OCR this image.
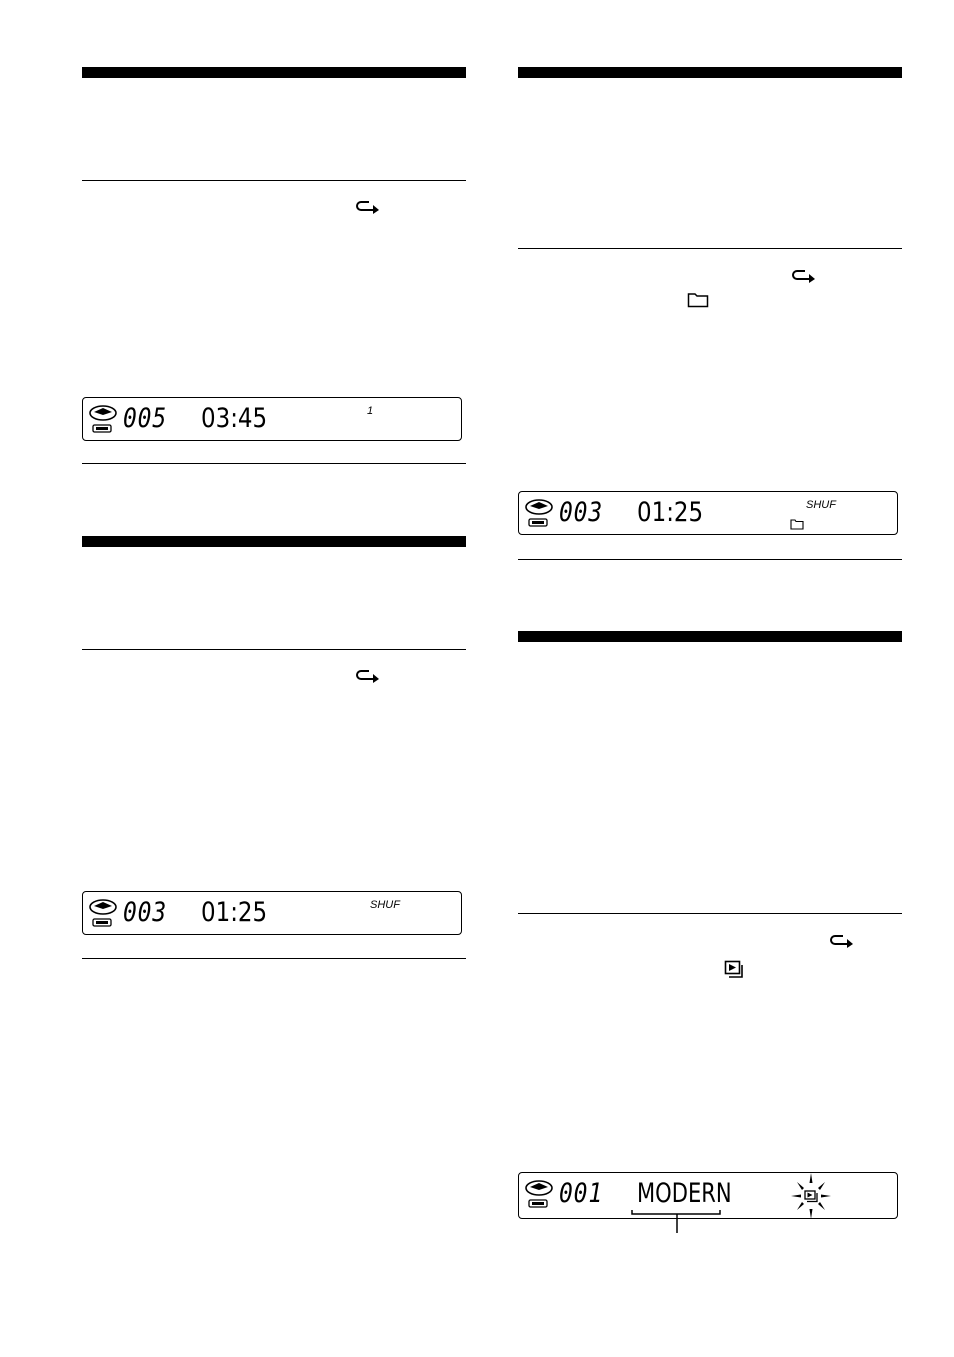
005 03:45	1
003 01:25	SHUF
003 01:25	SHUF
001 MODERN
